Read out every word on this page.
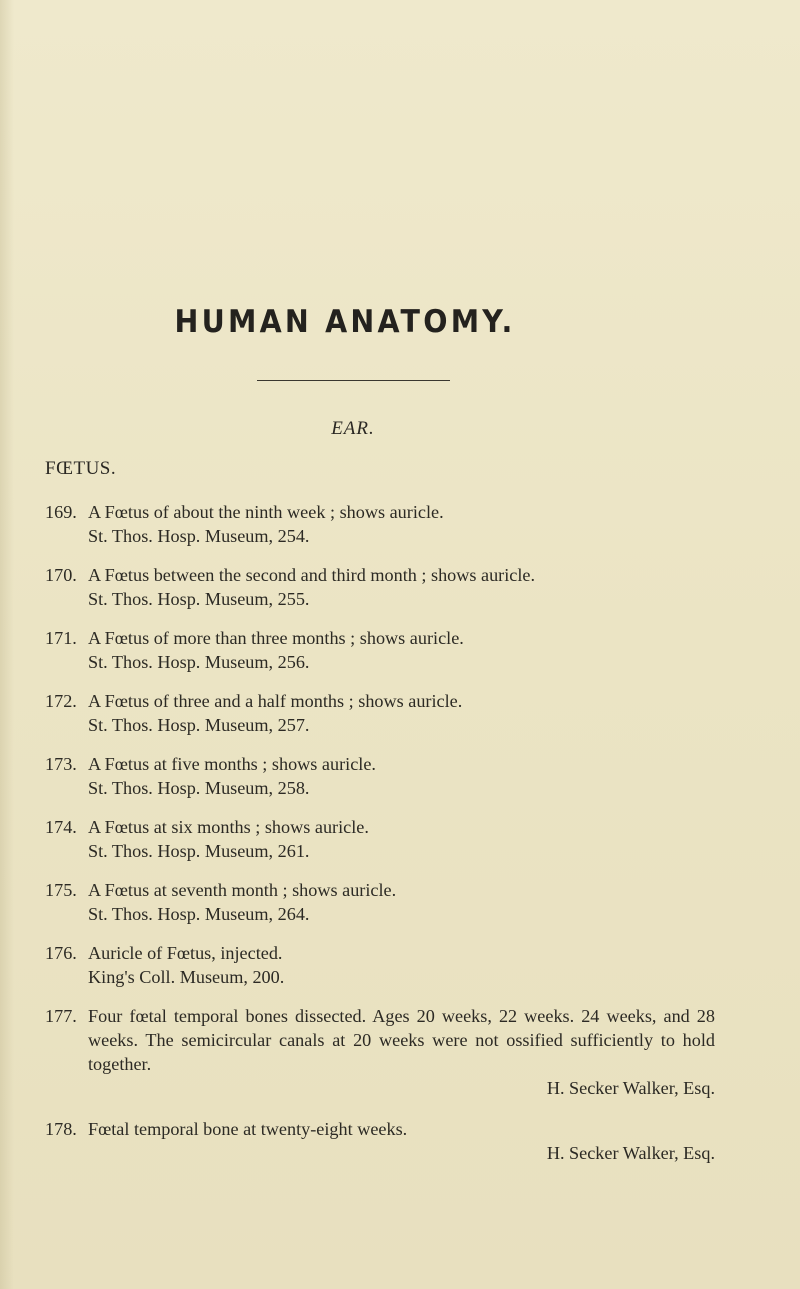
HUMAN ANATOMY.
EAR.
FŒTUS.
169. A Fœtus of about the ninth week ; shows auricle.
St. Thos. Hosp. Museum, 254.
170. A Fœtus between the second and third month ; shows auricle.
St. Thos. Hosp. Museum, 255.
171. A Fœtus of more than three months ; shows auricle.
St. Thos. Hosp. Museum, 256.
172. A Fœtus of three and a half months ; shows auricle.
St. Thos. Hosp. Museum, 257.
173. A Fœtus at five months ; shows auricle.
St. Thos. Hosp. Museum, 258.
174. A Fœtus at six months ; shows auricle.
St. Thos. Hosp. Museum, 261.
175. A Fœtus at seventh month ; shows auricle.
St. Thos. Hosp. Museum, 264.
176. Auricle of Fœtus, injected.
King's Coll. Museum, 200.
177. Four fœtal temporal bones dissected. Ages 20 weeks, 22 weeks. 24 weeks, and 28 weeks. The semicircular canals at 20 weeks were not ossified sufficiently to hold together.
H. Secker Walker, Esq.
178. Fœtal temporal bone at twenty-eight weeks.
H. Secker Walker, Esq.
